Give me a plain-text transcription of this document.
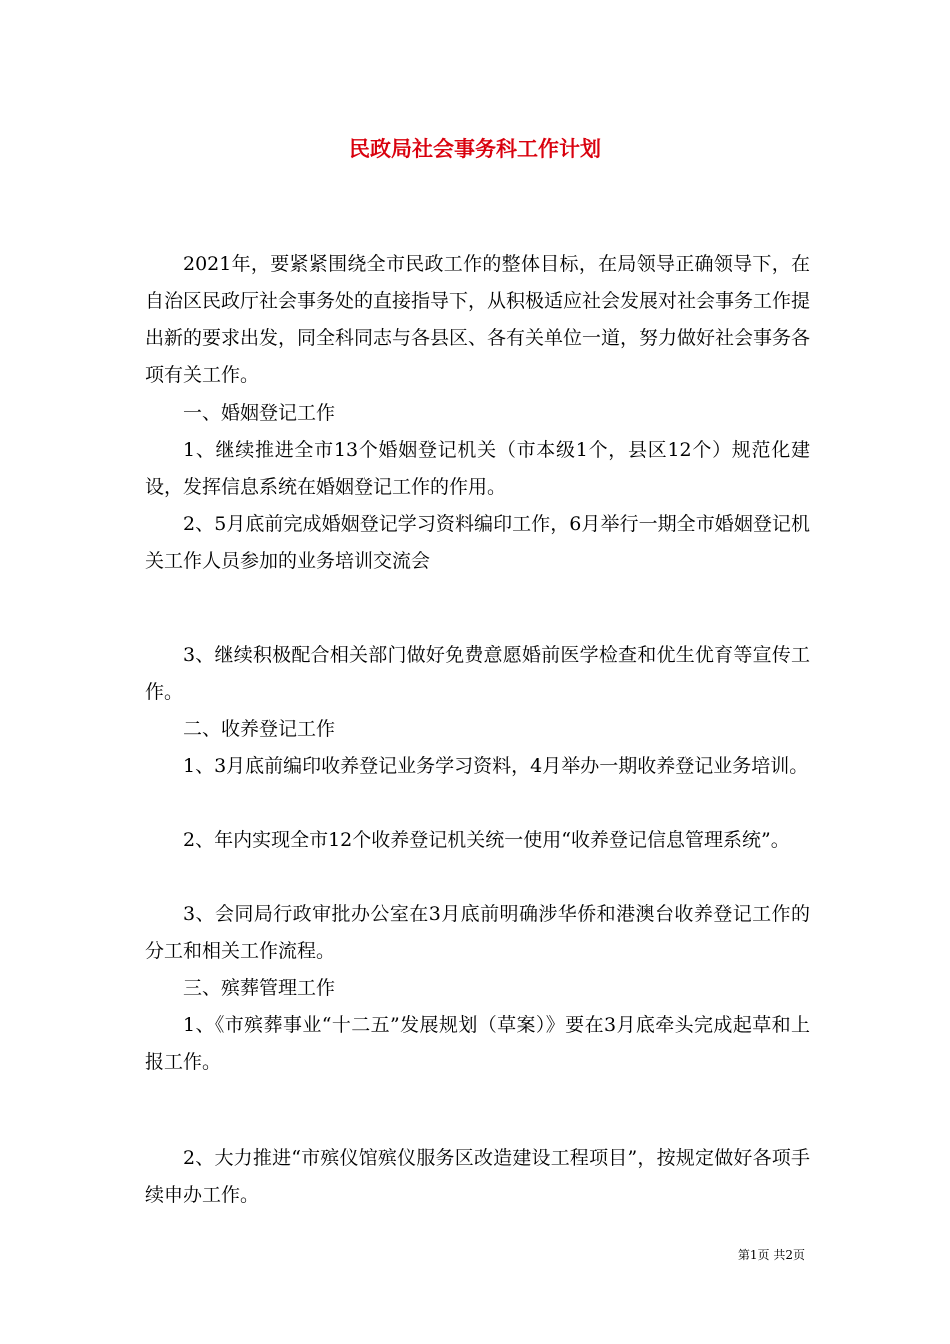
民政局社会事务科工作计划

2021年，要紧紧围绕全市民政工作的整体目标，在局领导正确领导下，在自治区民政厅社会事务处的直接指导下，从积极适应社会发展对社会事务工作提出新的要求出发，同全科同志与各县区、各有关单位一道，努力做好社会事务各项有关工作。

一、婚姻登记工作

1、继续推进全市13个婚姻登记机关（市本级1个，县区12个）规范化建设，发挥信息系统在婚姻登记工作的作用。

2、5月底前完成婚姻登记学习资料编印工作，6月举行一期全市婚姻登记机关工作人员参加的业务培训交流会

3、继续积极配合相关部门做好免费意愿婚前医学检查和优生优育等宣传工作。

二、收养登记工作

1、3月底前编印收养登记业务学习资料，4月举办一期收养登记业务培训。

2、年内实现全市12个收养登记机关统一使用“收养登记信息管理系统”。

3、会同局行政审批办公室在3月底前明确涉华侨和港澳台收养登记工作的分工和相关工作流程。

三、殡葬管理工作

1、《市殡葬事业“十二五”发展规划（草案）》要在3月底牵头完成起草和上报工作。

2、大力推进“市殡仪馆殡仪服务区改造建设工程项目”，按规定做好各项手续申办工作。

第1页 共2页
